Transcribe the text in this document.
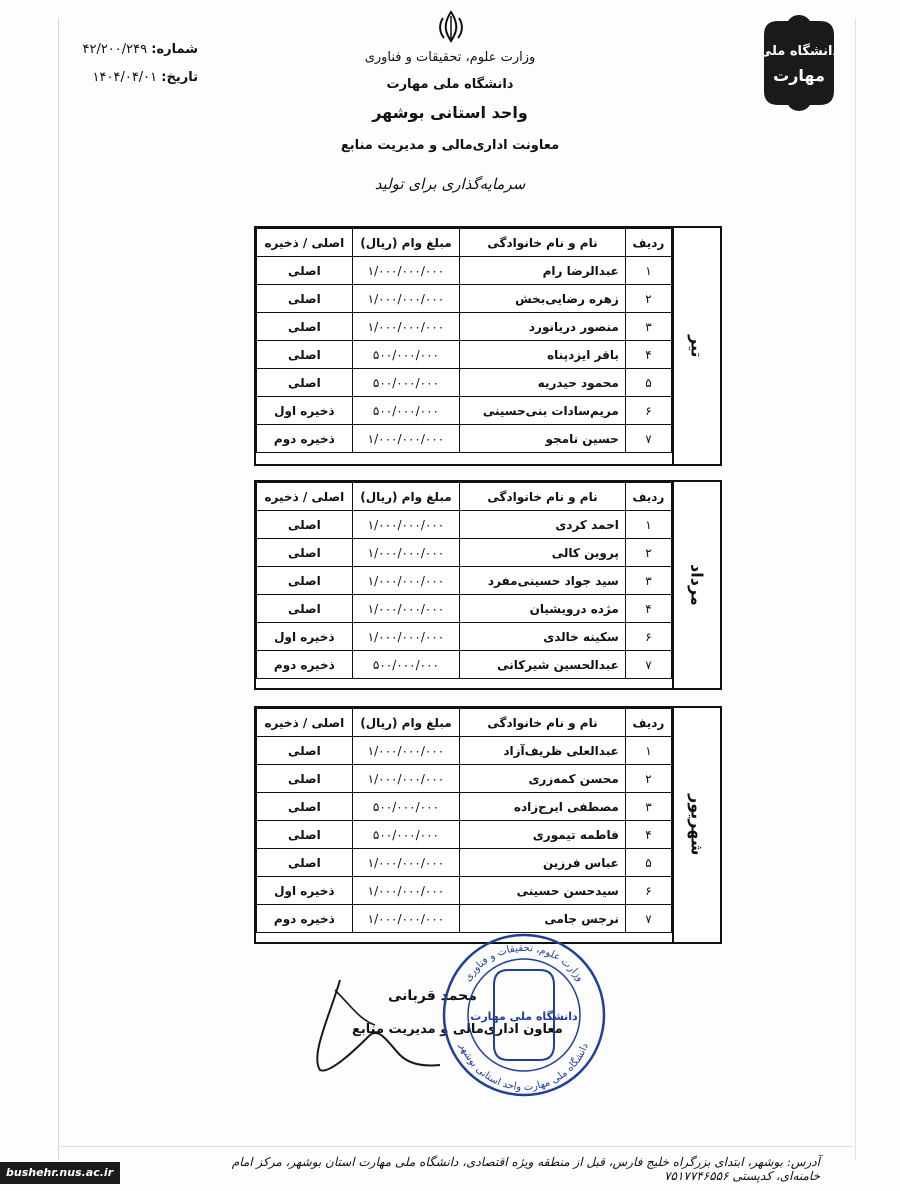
شماره: ۴۲/۲۰۰/۲۴۹
تاریخ: ۱۴۰۴/۰۴/۰۱
وزارت علوم، تحقیقات و فناوری
دانشگاه ملی مهارت
واحد استانی بوشهر
معاونت اداری‌مالی و مدیریت منابع
سرمایه‌گذاری برای تولید
دانشگاه ملی
مهارت
ردیف	نام و نام خانوادگی	مبلغ وام (ریال)	اصلی / ذخیره
۱	عبدالرضا رام	۱/۰۰۰/۰۰۰/۰۰۰	اصلی
۲	زهره رضایی‌بخش	۱/۰۰۰/۰۰۰/۰۰۰	اصلی
۳	منصور دریانورد	۱/۰۰۰/۰۰۰/۰۰۰	اصلی
۴	باقر ایزدپناه	۵۰۰/۰۰۰/۰۰۰	اصلی
۵	محمود حیدریه	۵۰۰/۰۰۰/۰۰۰	اصلی
۶	مریم‌سادات بنی‌حسینی	۵۰۰/۰۰۰/۰۰۰	ذخیره اول
۷	حسین نامجو	۱/۰۰۰/۰۰۰/۰۰۰	ذخیره دوم
تیر
ردیف	نام و نام خانوادگی	مبلغ وام (ریال)	اصلی / ذخیره
۱	احمد کردی	۱/۰۰۰/۰۰۰/۰۰۰	اصلی
۲	پروین کالی	۱/۰۰۰/۰۰۰/۰۰۰	اصلی
۳	سید جواد حسینی‌مفرد	۱/۰۰۰/۰۰۰/۰۰۰	اصلی
۴	مژده درویشیان	۱/۰۰۰/۰۰۰/۰۰۰	اصلی
۶	سکینه خالدی	۱/۰۰۰/۰۰۰/۰۰۰	ذخیره اول
۷	عبدالحسین شیرکانی	۵۰۰/۰۰۰/۰۰۰	ذخیره دوم
مرداد
ردیف	نام و نام خانوادگی	مبلغ وام (ریال)	اصلی / ذخیره
۱	عبدالعلی ظریف‌آزاد	۱/۰۰۰/۰۰۰/۰۰۰	اصلی
۲	محسن کمه‌زری	۱/۰۰۰/۰۰۰/۰۰۰	اصلی
۳	مصطفی ایرج‌زاده	۵۰۰/۰۰۰/۰۰۰	اصلی
۴	فاطمه تیموری	۵۰۰/۰۰۰/۰۰۰	اصلی
۵	عباس فرزین	۱/۰۰۰/۰۰۰/۰۰۰	اصلی
۶	سیدحسن حسینی	۱/۰۰۰/۰۰۰/۰۰۰	ذخیره اول
۷	نرجس جامی	۱/۰۰۰/۰۰۰/۰۰۰	ذخیره دوم
شهریور
محمد قربانی
معاون اداری‌مالی و مدیریت منابع
وزارت علوم، تحقیقات و فناوری
دانشگاه ملی مهارت واحد استانی بوشهر
دانشگاه ملی مهارت
آدرس: بوشهر، ابتدای بزرگراه خلیج فارس، قبل از منطقه ویژه اقتصادی، دانشگاه ملی مهارت استان بوشهر، مرکز امام خامنه‌ای، کدپستی ۷۵۱۷۷۴۶۵۵۶
bushehr.nus.ac.ir
